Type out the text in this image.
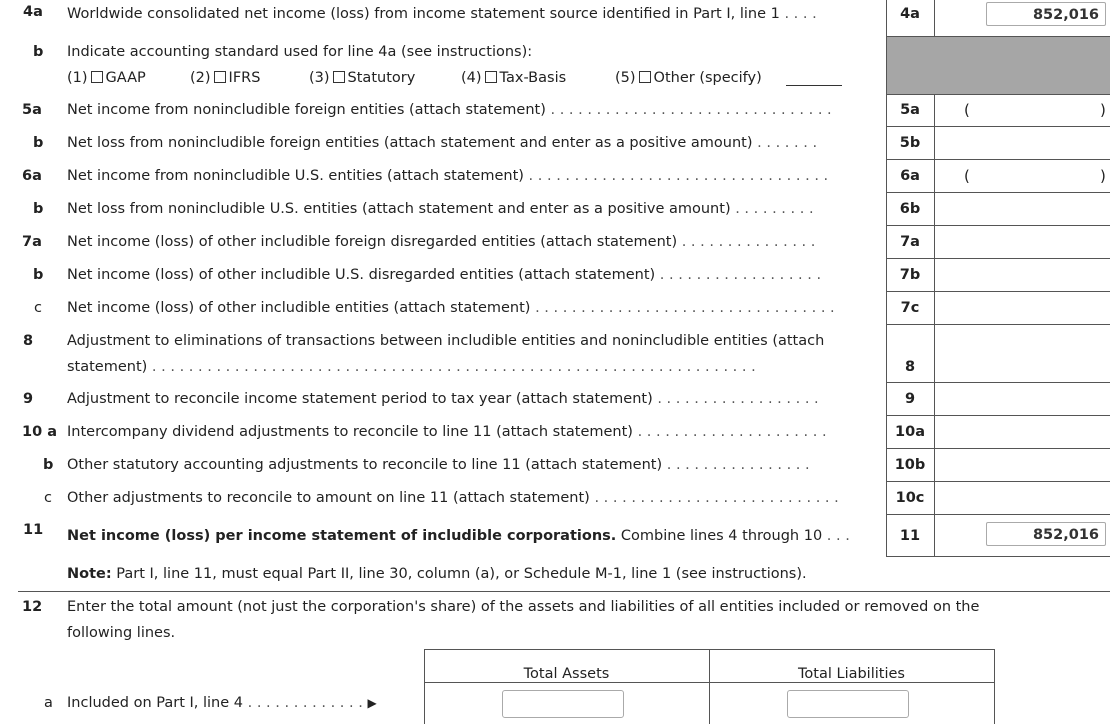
4a Worldwide consolidated net income (loss) from income statement source identified in Part I, line 1 . . . .	4a	852,016
b Indicate accounting standard used for line 4a (see instructions):
(1) GAAP	(2) IFRS	(3) Statutory	(4) Tax-Basis	(5) Other (specify)
5a Net income from nonincludible foreign entities (attach statement) . . . . . . . . . . . . . . . . . . . . . . . . . . . . . . .	5a	(	)
b Net loss from nonincludible foreign entities (attach statement and enter as a positive amount) . . . . . . .	5b
6a Net income from nonincludible U.S. entities (attach statement) . . . . . . . . . . . . . . . . . . . . . . . . . . . . . . . . .	6a	(	)
b Net loss from nonincludible U.S. entities (attach statement and enter as a positive amount) . . . . . . . . .	6b
7a Net income (loss) of other includible foreign disregarded entities (attach statement) . . . . . . . . . . . . . . .	7a
b Net income (loss) of other includible U.S. disregarded entities (attach statement) . . . . . . . . . . . . . . . . . .	7b
c Net income (loss) of other includible entities (attach statement) . . . . . . . . . . . . . . . . . . . . . . . . . . . . . . . . .	7c
8 Adjustment to eliminations of transactions between includible entities and nonincludible entities (attach
statement) . . . . . . . . . . . . . . . . . . . . . . . . . . . . . . . . . . . . . . . . . . . . . . . . . . . . . . . . . . . . . . . . . .	8
9 Adjustment to reconcile income statement period to tax year (attach statement) . . . . . . . . . . . . . . . . . .	9
10 a Intercompany dividend adjustments to reconcile to line 11 (attach statement) . . . . . . . . . . . . . . . . . . . . .	10a
b Other statutory accounting adjustments to reconcile to line 11 (attach statement) . . . . . . . . . . . . . . . .	10b
c Other adjustments to reconcile to amount on line 11 (attach statement) . . . . . . . . . . . . . . . . . . . . . . . . . . .	10c
11 Net income (loss) per income statement of includible corporations. Combine lines 4 through 10 . . .	11	852,016
Note: Part I, line 11, must equal Part II, line 30, column (a), or Schedule M-1, line 1 (see instructions).
12 Enter the total amount (not just the corporation's share) of the assets and liabilities of all entities included or removed on the
following lines.
Total Assets	Total Liabilities
a Included on Part I, line 4 . . . . . . . . . . . . . ▶
